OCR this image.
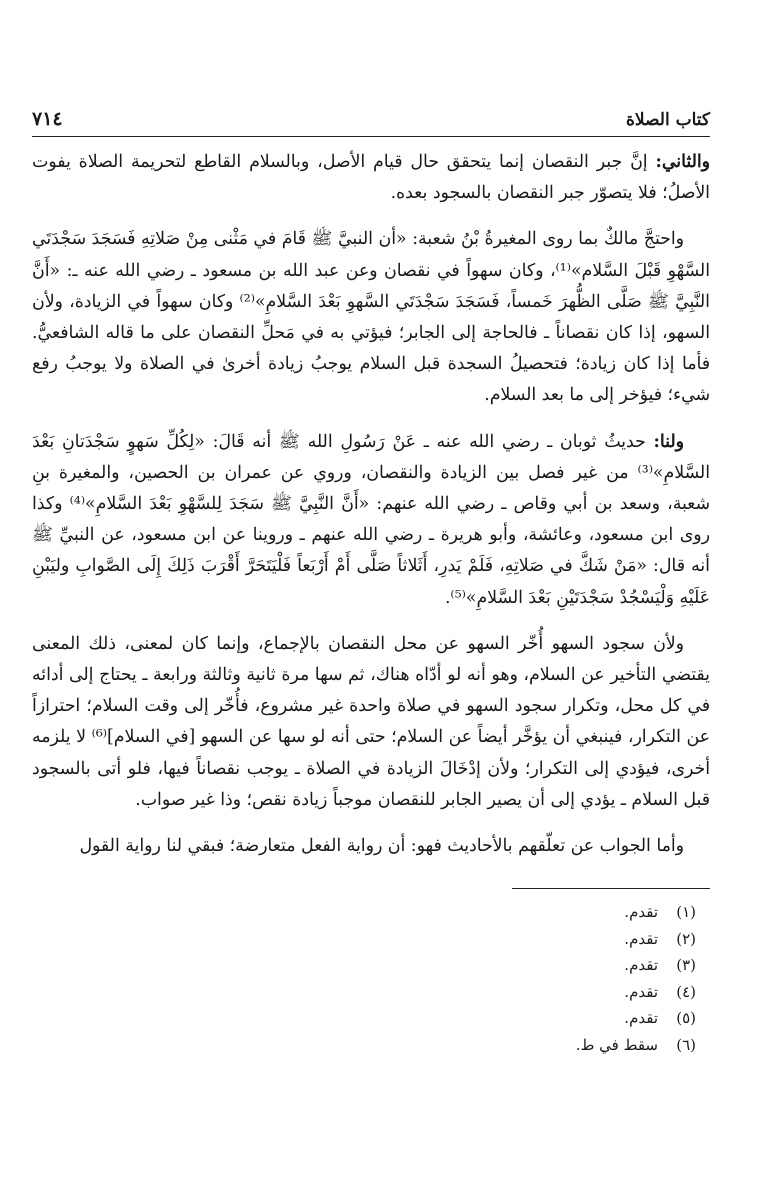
كتاب الصلاة
٧١٤

والثاني: إنَّ جبر النقصان إنما يتحقق حال قيام الأصل، وبالسلام القاطع لتحريمة الصلاة يفوت الأصلُ؛ فلا يتصوّر جبر النقصان بالسجود بعده.

واحتجَّ مالكٌ بما روى المغيرةُ بْنُ شعبة: «أن النبيَّ ﷺ قَامَ في مَثْنى مِنْ صَلاتِهِ فَسَجَدَ سَجْدَتَي السَّهْوِ قَبْلَ السَّلام»⁽¹⁾، وكان سهواً في نقصان وعن عبد الله بن مسعود ـ رضي الله عنه ـ: «أَنَّ النَّبِيَّ ﷺ صَلَّى الظُّهرَ خَمساً، فَسَجَدَ سَجْدَتَي السَّهوِ بَعْدَ السَّلامِ»⁽²⁾ وكان سهواً في الزيادة، ولأن السهو، إذا كان نقصاناً ـ فالحاجة إلى الجابر؛ فيؤتي به في مَحلِّ النقصان على ما قاله الشافعيُّ. فأما إذا كان زيادة؛ فتحصيلُ السجدة قبل السلام يوجبُ زيادة أخرىٰ في الصلاة ولا يوجبُ رفع شيء؛ فيؤخر إلى ما بعد السلام.

ولنا: حديثُ ثوبان ـ رضي الله عنه ـ عَنْ رَسُولِ الله ﷺ أنه قَالَ: «لِكُلِّ سَهوٍ سَجْدَتانِ بَعْدَ السَّلامِ»⁽³⁾ من غير فصل بين الزيادة والنقصان، وروي عن عمران بن الحصين، والمغيرة بنِ شعبة، وسعد بن أبي وقاص ـ رضي الله عنهم: «أَنَّ النَّبِيَّ ﷺ سَجَدَ لِلسَّهْوِ بَعْدَ السَّلامِ»⁽⁴⁾ وكذا روى ابن مسعود، وعائشة، وأبو هريرة ـ رضي الله عنهم ـ وروينا عن ابن مسعود، عن النبيِّ ﷺ أنه قال: «مَنْ شَكَّ في صَلاتِهِ، فَلَمْ يَدرِ، أَثَلاثاً صَلَّى أَمْ أَرْبَعاً فَلْيَتَحَرَّ أَقْرَبَ ذَلِكَ إِلَى الصَّوابِ وليَبْنِ عَلَيْهِ وَلْيَسْجُدْ سَجْدَتَيْنِ بَعْدَ السَّلامِ»⁽⁵⁾.

ولأن سجود السهو أُخّر السهو عن محل النقصان بالإجماع، وإنما كان لمعنى، ذلك المعنى يقتضي التأخير عن السلام، وهو أنه لو أدّاه هناك، ثم سها مرة ثانية وثالثة ورابعة ـ يحتاج إلى أدائه في كل محل، وتكرار سجود السهو في صلاة واحدة غير مشروع، فأُخّر إلى وقت السلام؛ احترازاً عن التكرار، فينبغي أن يؤخَّر أيضاً عن السلام؛ حتى أنه لو سها عن السهو [في السلام]⁽⁶⁾ لا يلزمه أخرى، فيؤدي إلى التكرار؛ ولأن إدْخَالَ الزيادة في الصلاة ـ يوجب نقصاناً فيها، فلو أتى بالسجود قبل السلام ـ يؤدي إلى أن يصير الجابر للنقصان موجباً زيادة نقص؛ وذا غير صواب.

وأما الجواب عن تعلّقهم بالأحاديث فهو: أن رواية الفعل متعارضة؛ فبقي لنا رواية القول

(١)
تقدم.
(٢)
تقدم.
(٣)
تقدم.
(٤)
تقدم.
(٥)
تقدم.
(٦)
سقط في ط.
